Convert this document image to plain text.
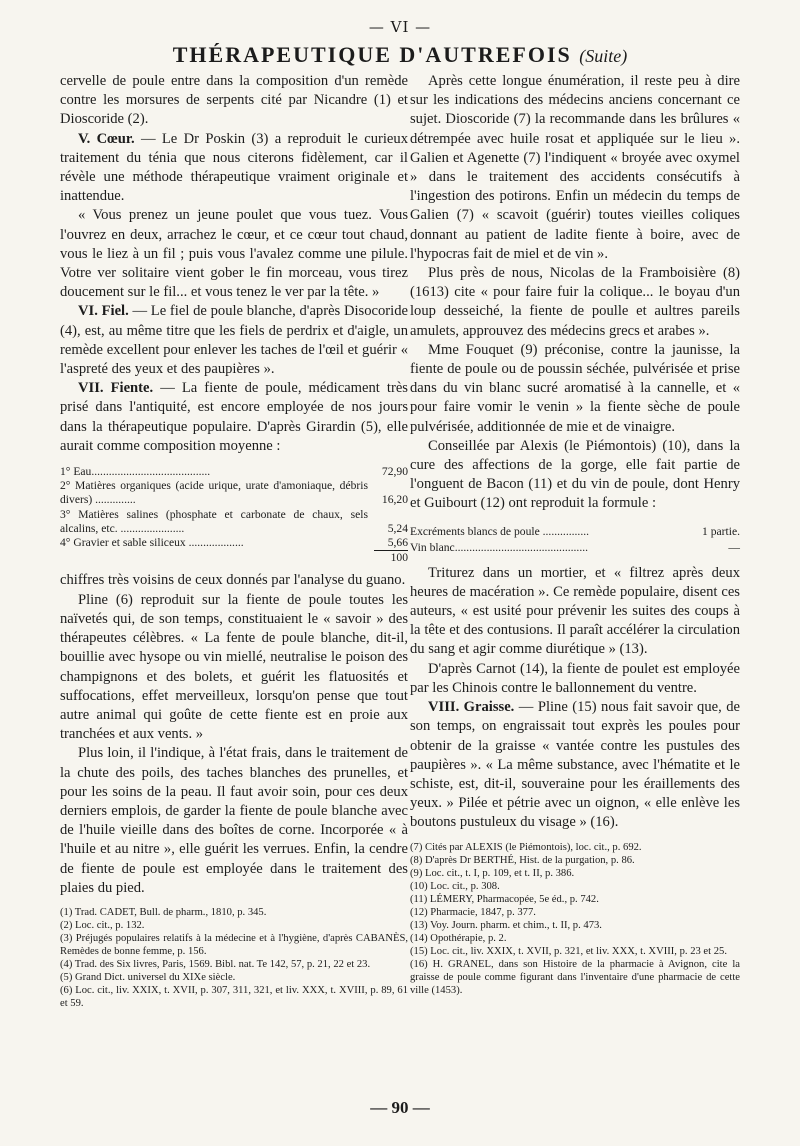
— VI —
THÉRAPEUTIQUE D'AUTREFOIS (Suite)

cervelle de poule entre dans la composition d'un remède contre les morsures de serpents cité par Nicandre (1) et Dioscoride (2).

V. Cœur. — Le Dr Poskin (3) a reproduit le curieux traitement du ténia que nous citerons fidèlement, car il révèle une méthode thérapeutique vraiment originale et inattendue.

« Vous prenez un jeune poulet que vous tuez. Vous l'ouvrez en deux, arrachez le cœur, et ce cœur tout chaud, vous le liez à un fil ; puis vous l'avalez comme une pilule. Votre ver solitaire vient gober le fin morceau, vous tirez doucement sur le fil... et vous tenez le ver par la tête. »

VI. Fiel. — Le fiel de poule blanche, d'après Disocoride (4), est, au même titre que les fiels de perdrix et d'aigle, un remède excellent pour enlever les taches de l'œil et guérir « l'aspreté des yeux et des paupières ».

VII. Fiente. — La fiente de poule, médicament très prisé dans l'antiquité, est encore employée de nos jours dans la thérapeutique populaire. D'après Girardin (5), elle aurait comme composition moyenne :

1° Eau.........................................	72,90
2° Matières organiques (acide urique, urate d'amoniaque, débris divers) ..............	16,20
3° Matières salines (phosphate et carbonate de chaux, sels alcalins, etc. ......................	5,24
4° Gravier et sable siliceux ...................	5,66
100

chiffres très voisins de ceux donnés par l'analyse du guano.

Pline (6) reproduit sur la fiente de poule toutes les naïvetés qui, de son temps, constituaient le « savoir » des thérapeutes célèbres. « La fente de poule blanche, dit-il, bouillie avec hysope ou vin miellé, neutralise le poison des champignons et des bolets, et guérit les flatuosités et suffocations, effet merveilleux, lorsqu'on pense que tout autre animal qui goûte de cette fiente est en proie aux tranchées et aux vents. »

Plus loin, il l'indique, à l'état frais, dans le traitement de la chute des poils, des taches blanches des prunelles, et pour les soins de la peau. Il faut avoir soin, pour ces deux derniers emplois, de garder la fiente de poule blanche avec de l'huile vieille dans des boîtes de corne. Incorporée « à l'huile et au nitre », elle guérit les verrues. Enfin, la cendre de fiente de poule est employée dans le traitement des plaies du pied.

(1) Trad. CADET, Bull. de pharm., 1810, p. 345.

(2) Loc. cit., p. 132.

(3) Préjugés populaires relatifs à la médecine et à l'hygiène, d'après CABANÈS, Remèdes de bonne femme, p. 156.

(4) Trad. des Six livres, Paris, 1569. Bibl. nat. Te 142, 57, p. 21, 22 et 23.

(5) Grand Dict. universel du XIXe siècle.

(6) Loc. cit., liv. XXIX, t. XVII, p. 307, 311, 321, et liv. XXX, t. XVIII, p. 89, 61 et 59.

Après cette longue énumération, il reste peu à dire sur les indications des médecins anciens concernant ce sujet. Dioscoride (7) la recommande dans les brûlures « détrempée avec huile rosat et appliquée sur le lieu ». Galien et Agenette (7) l'indiquent « broyée avec oxymel » dans le traitement des accidents consécutifs à l'ingestion des potirons. Enfin un médecin du temps de Galien (7) « scavoit (guérir) toutes vieilles coliques donnant au patient de ladite fiente à boire, avec de l'hypocras fait de miel et de vin ».

Plus près de nous, Nicolas de la Framboisière (8) (1613) cite « pour faire fuir la colique... le boyau d'un loup desseiché, la fiente de poulle et aultres pareils amulets, approuvez des médecins grecs et arabes ».

Mme Fouquet (9) préconise, contre la jaunisse, la fiente de poule ou de poussin séchée, pulvérisée et prise dans du vin blanc sucré aromatisé à la cannelle, et « pour faire vomir le venin » la fiente sèche de poule pulvérisée, additionnée de mie et de vinaigre.

Conseillée par Alexis (le Piémontois) (10), dans la cure des affections de la gorge, elle fait partie de l'onguent de Bacon (11) et du vin de poule, dont Henry et Guibourt (12) ont reproduit la formule :

Excréments blancs de poule ................	1 partie.
Vin blanc..............................................	—

Triturez dans un mortier, et « filtrez après deux heures de macération ». Ce remède populaire, disent ces auteurs, « est usité pour prévenir les suites des coups à la tête et des contusions. Il paraît accélérer la circulation du sang et agir comme diurétique » (13).

D'après Carnot (14), la fiente de poulet est employée par les Chinois contre le ballonnement du ventre.

VIII. Graisse. — Pline (15) nous fait savoir que, de son temps, on engraissait tout exprès les poules pour obtenir de la graisse « vantée contre les pustules des paupières ». « La même substance, avec l'hématite et le schiste, est, dit-il, souveraine pour les éraillements des yeux. » Pilée et pétrie avec un oignon, « elle enlève les boutons pustuleux du visage » (16).

(7) Cités par ALEXIS (le Piémontois), loc. cit., p. 692.

(8) D'après Dr BERTHÉ, Hist. de la purgation, p. 86.

(9) Loc. cit., t. I, p. 109, et t. II, p. 386.

(10) Loc. cit., p. 308.

(11) LÉMERY, Pharmacopée, 5e éd., p. 742.

(12) Pharmacie, 1847, p. 377.

(13) Voy. Journ. pharm. et chim., t. II, p. 473.

(14) Opothérapie, p. 2.

(15) Loc. cit., liv. XXIX, t. XVII, p. 321, et liv. XXX, t. XVIII, p. 23 et 25.

(16) H. GRANEL, dans son Histoire de la pharmacie à Avignon, cite la graisse de poule comme figurant dans l'inventaire d'une pharmacie de cette ville (1453).

— 90 —
